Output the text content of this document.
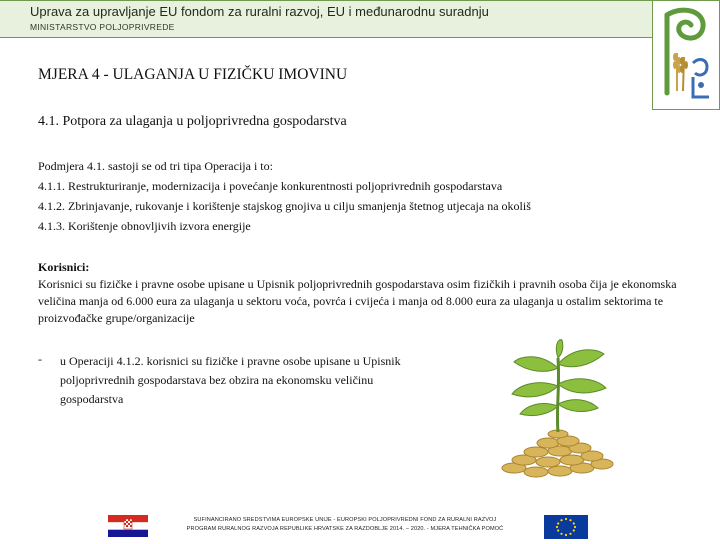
Uprava za upravljanje EU fondom za ruralni razvoj, EU i međunarodnu suradnju
MINISTARSTVO POLJOPRIVREDE
MJERA 4 - ULAGANJA U FIZIČKU IMOVINU
4.1. Potpora za ulaganja u poljoprivredna gospodarstva
Podmjera 4.1. sastoji se od tri tipa Operacija i to:
4.1.1. Restrukturiranje, modernizacija i povećanje konkurentnosti poljoprivrednih gospodarstava
4.1.2. Zbrinjavanje, rukovanje i korištenje stajskog gnojiva u cilju smanjenja štetnog utjecaja na okoliš
4.1.3. Korištenje obnovljivih izvora energije
Korisnici:
Korisnici su fizičke i pravne osobe upisane u Upisnik poljoprivrednih gospodarstava osim fizičkih i pravnih osoba čija je ekonomska veličina manja od 6.000 eura za ulaganja u sektoru voća, povrća i cvijeća i manja od 8.000 eura za ulaganja u ostalim sektorima te proizvođačke grupe/organizacije
- u Operaciji 4.1.2. korisnici su fizičke i pravne osobe upisane u Upisnik poljoprivrednih gospodarstava bez obzira na ekonomsku veličinu gospodarstva
SUFINANCIRANO SREDSTVIMA EUROPSKE UNIJE - EUROPSKI POLJOPRIVREDNI FOND ZA RURALNI RAZVOJ
PROGRAM RURALNOG RAZVOJA REPUBLIKE HRVATSKE ZA RAZDOBLJE 2014. – 2020. - MJERA TEHNIČKA POMOĆ
